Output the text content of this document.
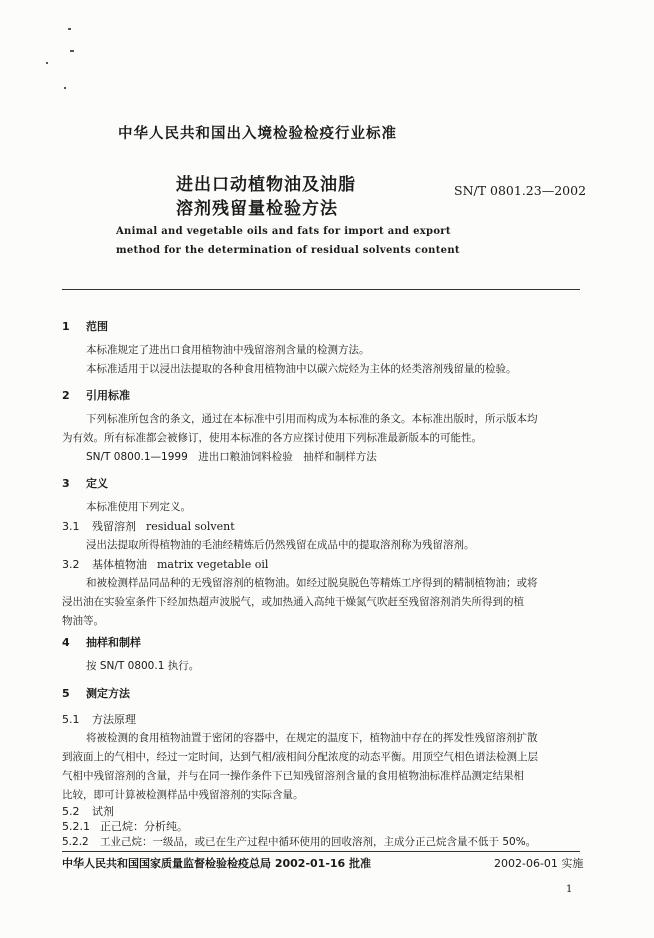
中华人民共和国出入境检验检疫行业标准
进出口动植物油及油脂
溶剂残留量检验方法
SN/T 0801.23—2002
Animal and vegetable oils and fats for import and export
method for the determination of residual solvents content
1 范围
本标准规定了进出口食用植物油中残留溶剂含量的检测方法。
本标准适用于以浸出法提取的各种食用植物油中以碳六烷烃为主体的烃类溶剂残留量的检验。
2 引用标准
下列标准所包含的条文，通过在本标准中引用而构成为本标准的条文。本标准出版时，所示版本均
为有效。所有标准都会被修订，使用本标准的各方应探讨使用下列标准最新版本的可能性。
SN/T 0800.1—1999　进出口粮油饲料检验　抽样和制样方法
3 定义
本标准使用下列定义。
3.1 残留溶剂 residual solvent
浸出法提取所得植物油的毛油经精炼后仍然残留在成品中的提取溶剂称为残留溶剂。
3.2 基体植物油 matrix vegetable oil
和被检测样品同品种的无残留溶剂的植物油。如经过脱臭脱色等精炼工序得到的精制植物油；或将
浸出油在实验室条件下经加热超声波脱气，或加热通入高纯干燥氮气吹赶至残留溶剂消失所得到的植
物油等。
4 抽样和制样
按 SN/T 0800.1 执行。
5 测定方法
5.1 方法原理
将被检测的食用植物油置于密闭的容器中，在规定的温度下，植物油中存在的挥发性残留溶剂扩散
到液面上的气相中，经过一定时间，达到气相/液相间分配浓度的动态平衡。用顶空气相色谱法检测上层
气相中残留溶剂的含量，并与在同一操作条件下已知残留溶剂含量的食用植物油标准样品测定结果相
比较，即可计算被检测样品中残留溶剂的实际含量。
5.2 试剂
5.2.1 正己烷：分析纯。
5.2.2 工业己烷：一级品，或已在生产过程中循环使用的回收溶剂，主成分正己烷含量不低于 50%。
中华人民共和国国家质量监督检验检疫总局 2002-01-16 批准	2002-06-01 实施
1
